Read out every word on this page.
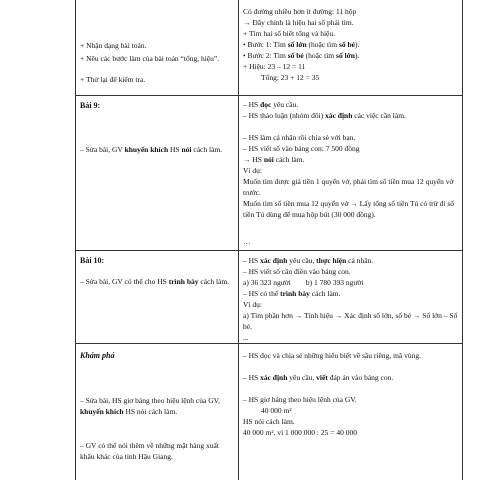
+ Nhận dạng bài toán.
+ Nêu các bước làm của bài toán “tổng, hiệu”.
+ Thử lại để kiểm tra.
Bài 9:
– Sửa bài, GV khuyến khích HS nói cách làm.
Bài 10:
– Sửa bài, GV có thể cho HS trình bày cách làm.
Khám phá
– Sửa bài, HS giơ bảng theo hiệu lệnh của GV, khuyến khích HS nói cách làm.
– GV có thể nói thêm về những mặt hàng xuất khẩu khác của tỉnh Hậu Giang.
Có đường nhiều hơn ít đường: 11 hộp
→ Đây chính là hiệu hai số phải tìm.
+ Tìm hai số biết tổng và hiệu.
• Bước 1: Tìm số lớn (hoặc tìm số bé).
• Bước 2: Tìm số bé (hoặc tìm số lớn).
+ Hiệu: 23 – 12 = 11
Tổng: 23 + 12 = 35
– HS đọc yêu cầu.
– HS thảo luận (nhóm đôi) xác định các việc cần làm.
– HS làm cá nhân rồi chia sẻ với bạn.
– HS viết số vào bảng con: 7 500 đồng
→ HS nói cách làm.
Ví dụ:
Muốn tìm được giá tiền 1 quyển vở, phải tìm số tiền mua 12 quyển vở trước.
Muốn tìm số tiền mua 12 quyển vở → Lấy tổng số tiền Tú có trừ đi số tiền Tú dùng để mua hộp bút (30 000 đồng).
…
– HS xác định yêu cầu, thực hiện cá nhân.
– HS viết số cần điền vào bảng con.
a) 36 323 người        b) 1 780 393 người
– HS có thể trình bày cách làm.
Ví dụ:
a) Tìm phần hơn → Tính hiệu → Xác định số lớn, số bé → Số lớn – Số bé.
...
– HS đọc và chia sẻ những hiểu biết về sầu riêng, mã vùng.
– HS xác định yêu cầu, viết đáp án vào bảng con.
– HS giơ bảng theo hiệu lệnh của GV.
40 000 m²
HS nói cách làm.
40 000 m², vì 1 000 000 : 25 = 40 000
